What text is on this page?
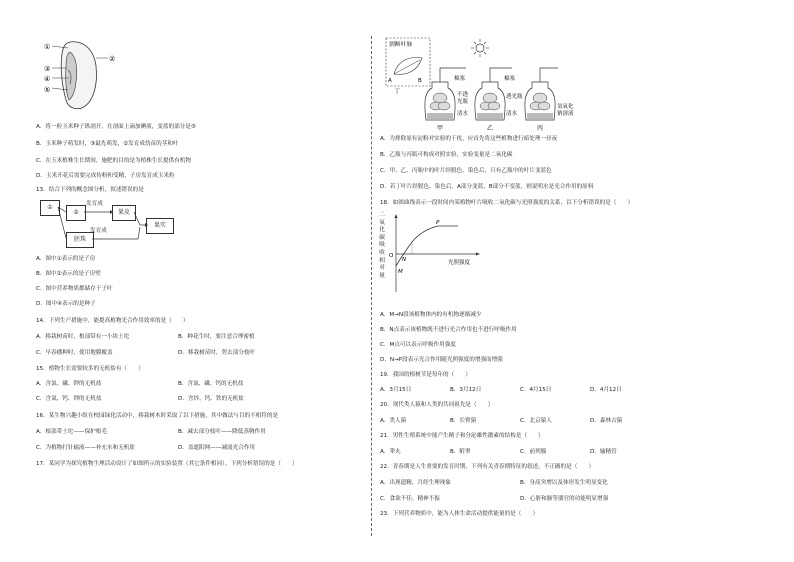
①
③
④
⑤
②
A．将一粒玉米种子纵剖开，在剖面上滴加碘液，变蓝的部分是⑤
B．玉米种子萌发时，③最先萌发，②发育成幼苗的茎和叶
C．在玉米植株生长期间，施肥的目的是为植株生长提供有机物
D．玉米开花后需要完成传粉和受精，子房发育成玉米粒
13．结合下列的概念图分析，叙述错误的是
①
②
胚珠
果皮
果实
发育成
发育成
A．图中①表示的是子房
B．图中②表示的是子房壁
C．图中营养物质都储存于子叶
D．图中④表示的是种子
14．下列生产措施中，能提高植物光合作用效率的是（　　）
A．移栽树苗时，根部带有一小块土坨	B．种花生时，要注意合理密植
C．早春播种时，使用地膜覆盖	D．移栽树苗时，剪去部分枝叶
15．植物生长需要较多的无机盐有（　　）
A．含氮、磷、钾的无机盐	B．含氮、磷、钙的无机盐
C．含氮、钙、钾的无机盐	D．含锌、钙、铁的无机盐
16．某生物兴趣小组在校园绿化活动中，移栽树木时采取了以下措施，其中做法与目的不相符的是
A．根部带土坨——保护根毛	B．减去部分枝叶——降低蒸腾作用
C．为植物打针输液——补充水和无机盐	D．盖遮阳网——减弱光合作用
17．某同学为探究植物生理活动设计了如图所示的实验装置（其它条件相同）。下列分析错误的是（　　）
A	B
丁
割断叶脉
棉塞	棉塞
不透
光瓶
清水
透光瓶
清水
氢氧化
钠溶液
甲	乙	丙
A．为排除原有淀粉对实验的干扰，应首先将这些植物进行暗处理一昼夜
B．乙瓶与丙瓶可构成对照实验，实验变量是二氧化碳
C．甲、乙、丙瓶中的叶片经脱色、染色后，只有乙瓶中的叶片变蓝色
D．若丁叶片经脱色、染色后，A部分变蓝，B部分不变蓝，则说明水是光合作用的原料
18．如图曲线表示一段时间内某植物叶片吸收二氧化碳与光照强度的关系，以下分析错误的是（　　）
二
氧
化
碳
吸
收
相
对
量
O
N
M
P
光照强度
A．M→N段该植物体内的有机物逐渐减少
B．N点表示该植物既不进行光合作用也不进行呼吸作用
C．M点可以表示呼吸作用强度
D．N→P段表示光合作用随光照强度的增强而增强
19．我国的植树节是每年的（　　）
A．3月15日	B．3月12日	C．4月15日	D．4月12日
20．现代类人猿和人类的共同祖先是（　　）
A．类人猿	B．长臂猿	C．北京猿人	D．森林古猿
21．男性生殖系统中能产生精子和分泌雄性激素的结构是（　　）
A．睾丸	B．附睾	C．前列腺	D．输精管
22．青春期是人生重要的发育时期，下列有关青春期特征的叙述，不正确的是（　　）
A．出现遗精、月经生理现象	B．身高突增以及体形发生明显变化
C．食欲不佳、精神不振	D．心脏和肺等器官的功能明显增强
23．下列营养物质中，能为人体生命活动提供能量的是（　　）
